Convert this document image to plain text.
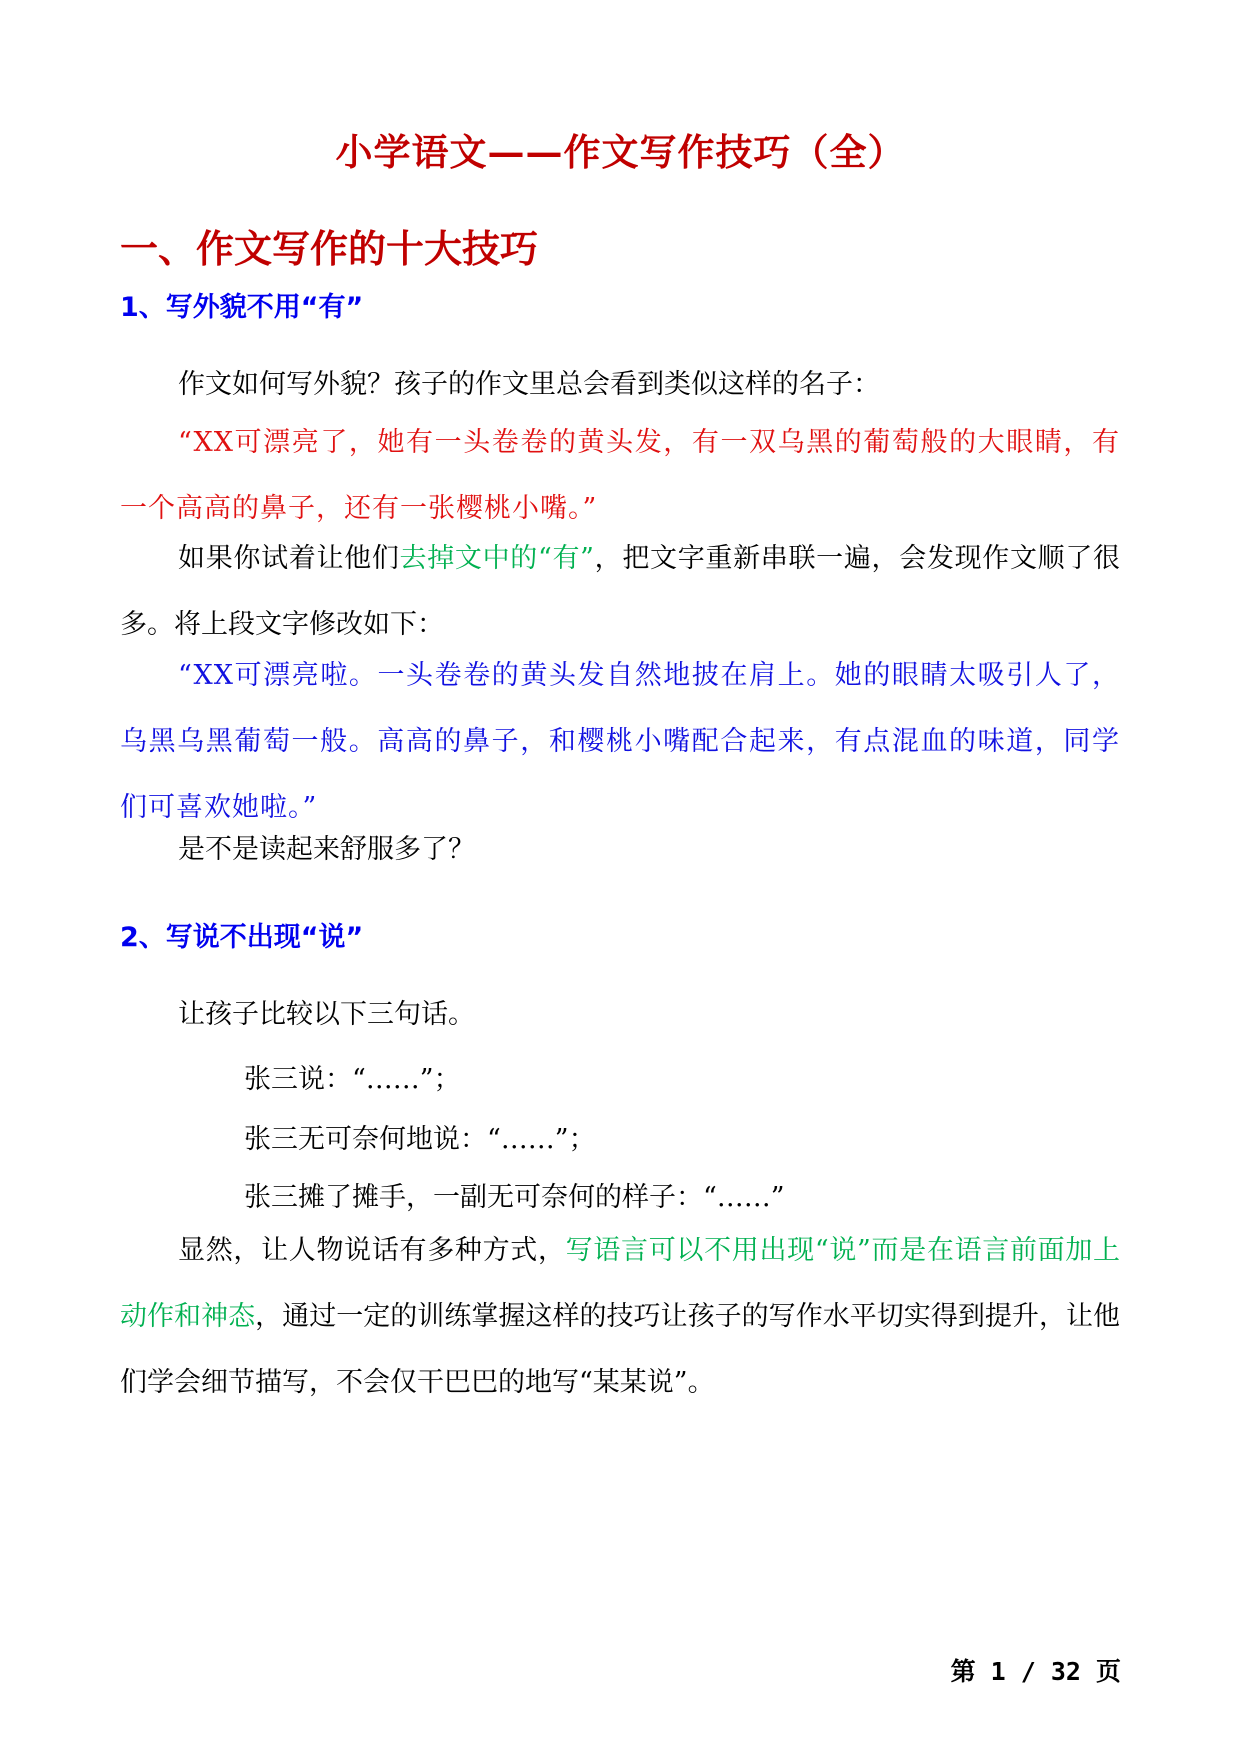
小学语文——作文写作技巧（全）
一、作文写作的十大技巧
1、写外貌不用“有”

作文如何写外貌？孩子的作文里总会看到类似这样的名子：

“XX可漂亮了，她有一头卷卷的黄头发，有一双乌黑的葡萄般的大眼睛，有一个高高的鼻子，还有一张樱桃小嘴。”

如果你试着让他们去掉文中的“有”，把文字重新串联一遍，会发现作文顺了很多。将上段文字修改如下：

“XX可漂亮啦。一头卷卷的黄头发自然地披在肩上。她的眼睛太吸引人了，乌黑乌黑葡萄一般。高高的鼻子，和樱桃小嘴配合起来，有点混血的味道，同学们可喜欢她啦。”

是不是读起来舒服多了？

2、写说不出现“说”

让孩子比较以下三句话。

张三说：“……”；
张三无可奈何地说：“……”；
张三摊了摊手，一副无可奈何的样子：“……”

显然，让人物说话有多种方式，写语言可以不用出现“说”而是在语言前面加上动作和神态，通过一定的训练掌握这样的技巧让孩子的写作水平切实得到提升，让他们学会细节描写，不会仅干巴巴的地写“某某说”。

第 1 / 32 页
